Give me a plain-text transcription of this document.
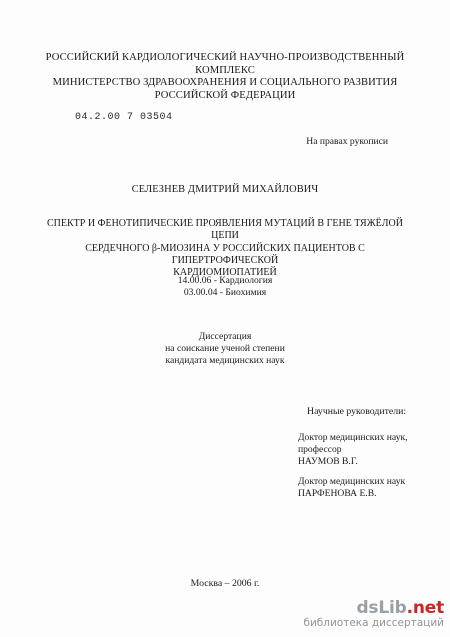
РОССИЙСКИЙ КАРДИОЛОГИЧЕСКИЙ НАУЧНО-ПРОИЗВОДСТВЕННЫЙ
КОМПЛЕКС
МИНИСТЕРСТВО ЗДРАВООХРАНЕНИЯ И СОЦИАЛЬНОГО РАЗВИТИЯ
РОССИЙСКОЙ ФЕДЕРАЦИИ
04.2.00 7 03504
На правах рукописи
СЕЛЕЗНЕВ ДМИТРИЙ МИХАЙЛОВИЧ
СПЕКТР И ФЕНОТИПИЧЕСКИЕ ПРОЯВЛЕНИЯ МУТАЦИЙ В ГЕНЕ ТЯЖЁЛОЙ ЦЕПИ
СЕРДЕЧНОГО β-МИОЗИНА У РОССИЙСКИХ ПАЦИЕНТОВ С ГИПЕРТРОФИЧЕСКОЙ
КАРДИОМИОПАТИЕЙ
14.00.06 - Кардиология
03.00.04 - Биохимия
Диссертация
на соискание ученой степени
кандидата медицинских наук
Научные руководители:
Доктор медицинских наук,
профессор
НАУМОВ В.Г.
Доктор медицинских наук
ПАРФЕНОВА Е.В.
Москва – 2006 г.
dsLib.net
библиотека диссертаций
